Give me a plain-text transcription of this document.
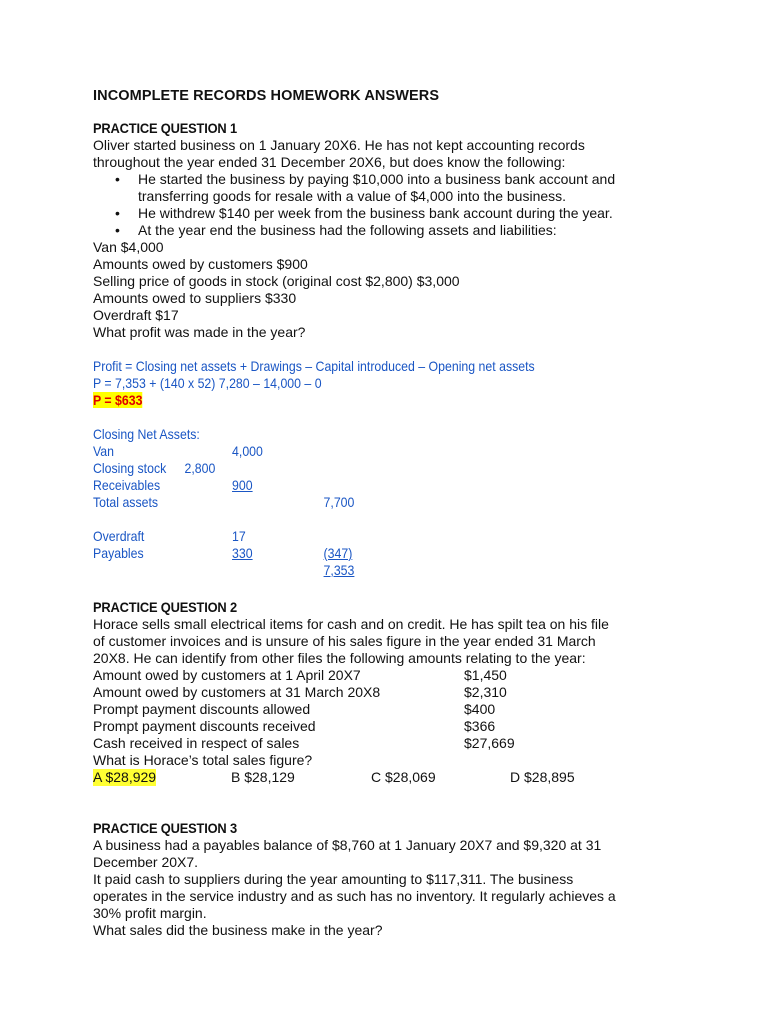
INCOMPLETE RECORDS HOMEWORK ANSWERS
PRACTICE QUESTION 1
Oliver started business on 1 January 20X6. He has not kept accounting records
throughout the year ended 31 December 20X6, but does know the following:
• He started the business by paying $10,000 into a business bank account and
transferring goods for resale with a value of $4,000 into the business.
• He withdrew $140 per week from the business bank account during the year.
• At the year end the business had the following assets and liabilities:
Van $4,000
Amounts owed by customers $900
Selling price of goods in stock (original cost $2,800) $3,000
Amounts owed to suppliers $330
Overdraft $17
What profit was made in the year?
Profit = Closing net assets + Drawings – Capital introduced – Opening net assets
P = 7,353 + (140 x 52) 7,280 – 14,000 – 0
P = $633
Closing Net Assets:
Van	4,000
Closing stock 2,800
Receivables	900
Total assets	7,700
Overdraft	17
Payables	330	(347)
7,353
PRACTICE QUESTION 2
Horace sells small electrical items for cash and on credit. He has spilt tea on his file
of customer invoices and is unsure of his sales figure in the year ended 31 March
20X8. He can identify from other files the following amounts relating to the year:
Amount owed by customers at 1 April 20X7	$1,450
Amount owed by customers at 31 March 20X8	$2,310
Prompt payment discounts allowed	$400
Prompt payment discounts received	$366
Cash received in respect of sales	$27,669
What is Horace’s total sales figure?
A $28,929	B $28,129	C $28,069	D $28,895
PRACTICE QUESTION 3
A business had a payables balance of $8,760 at 1 January 20X7 and $9,320 at 31
December 20X7.
It paid cash to suppliers during the year amounting to $117,311. The business
operates in the service industry and as such has no inventory. It regularly achieves a
30% profit margin.
What sales did the business make in the year?
